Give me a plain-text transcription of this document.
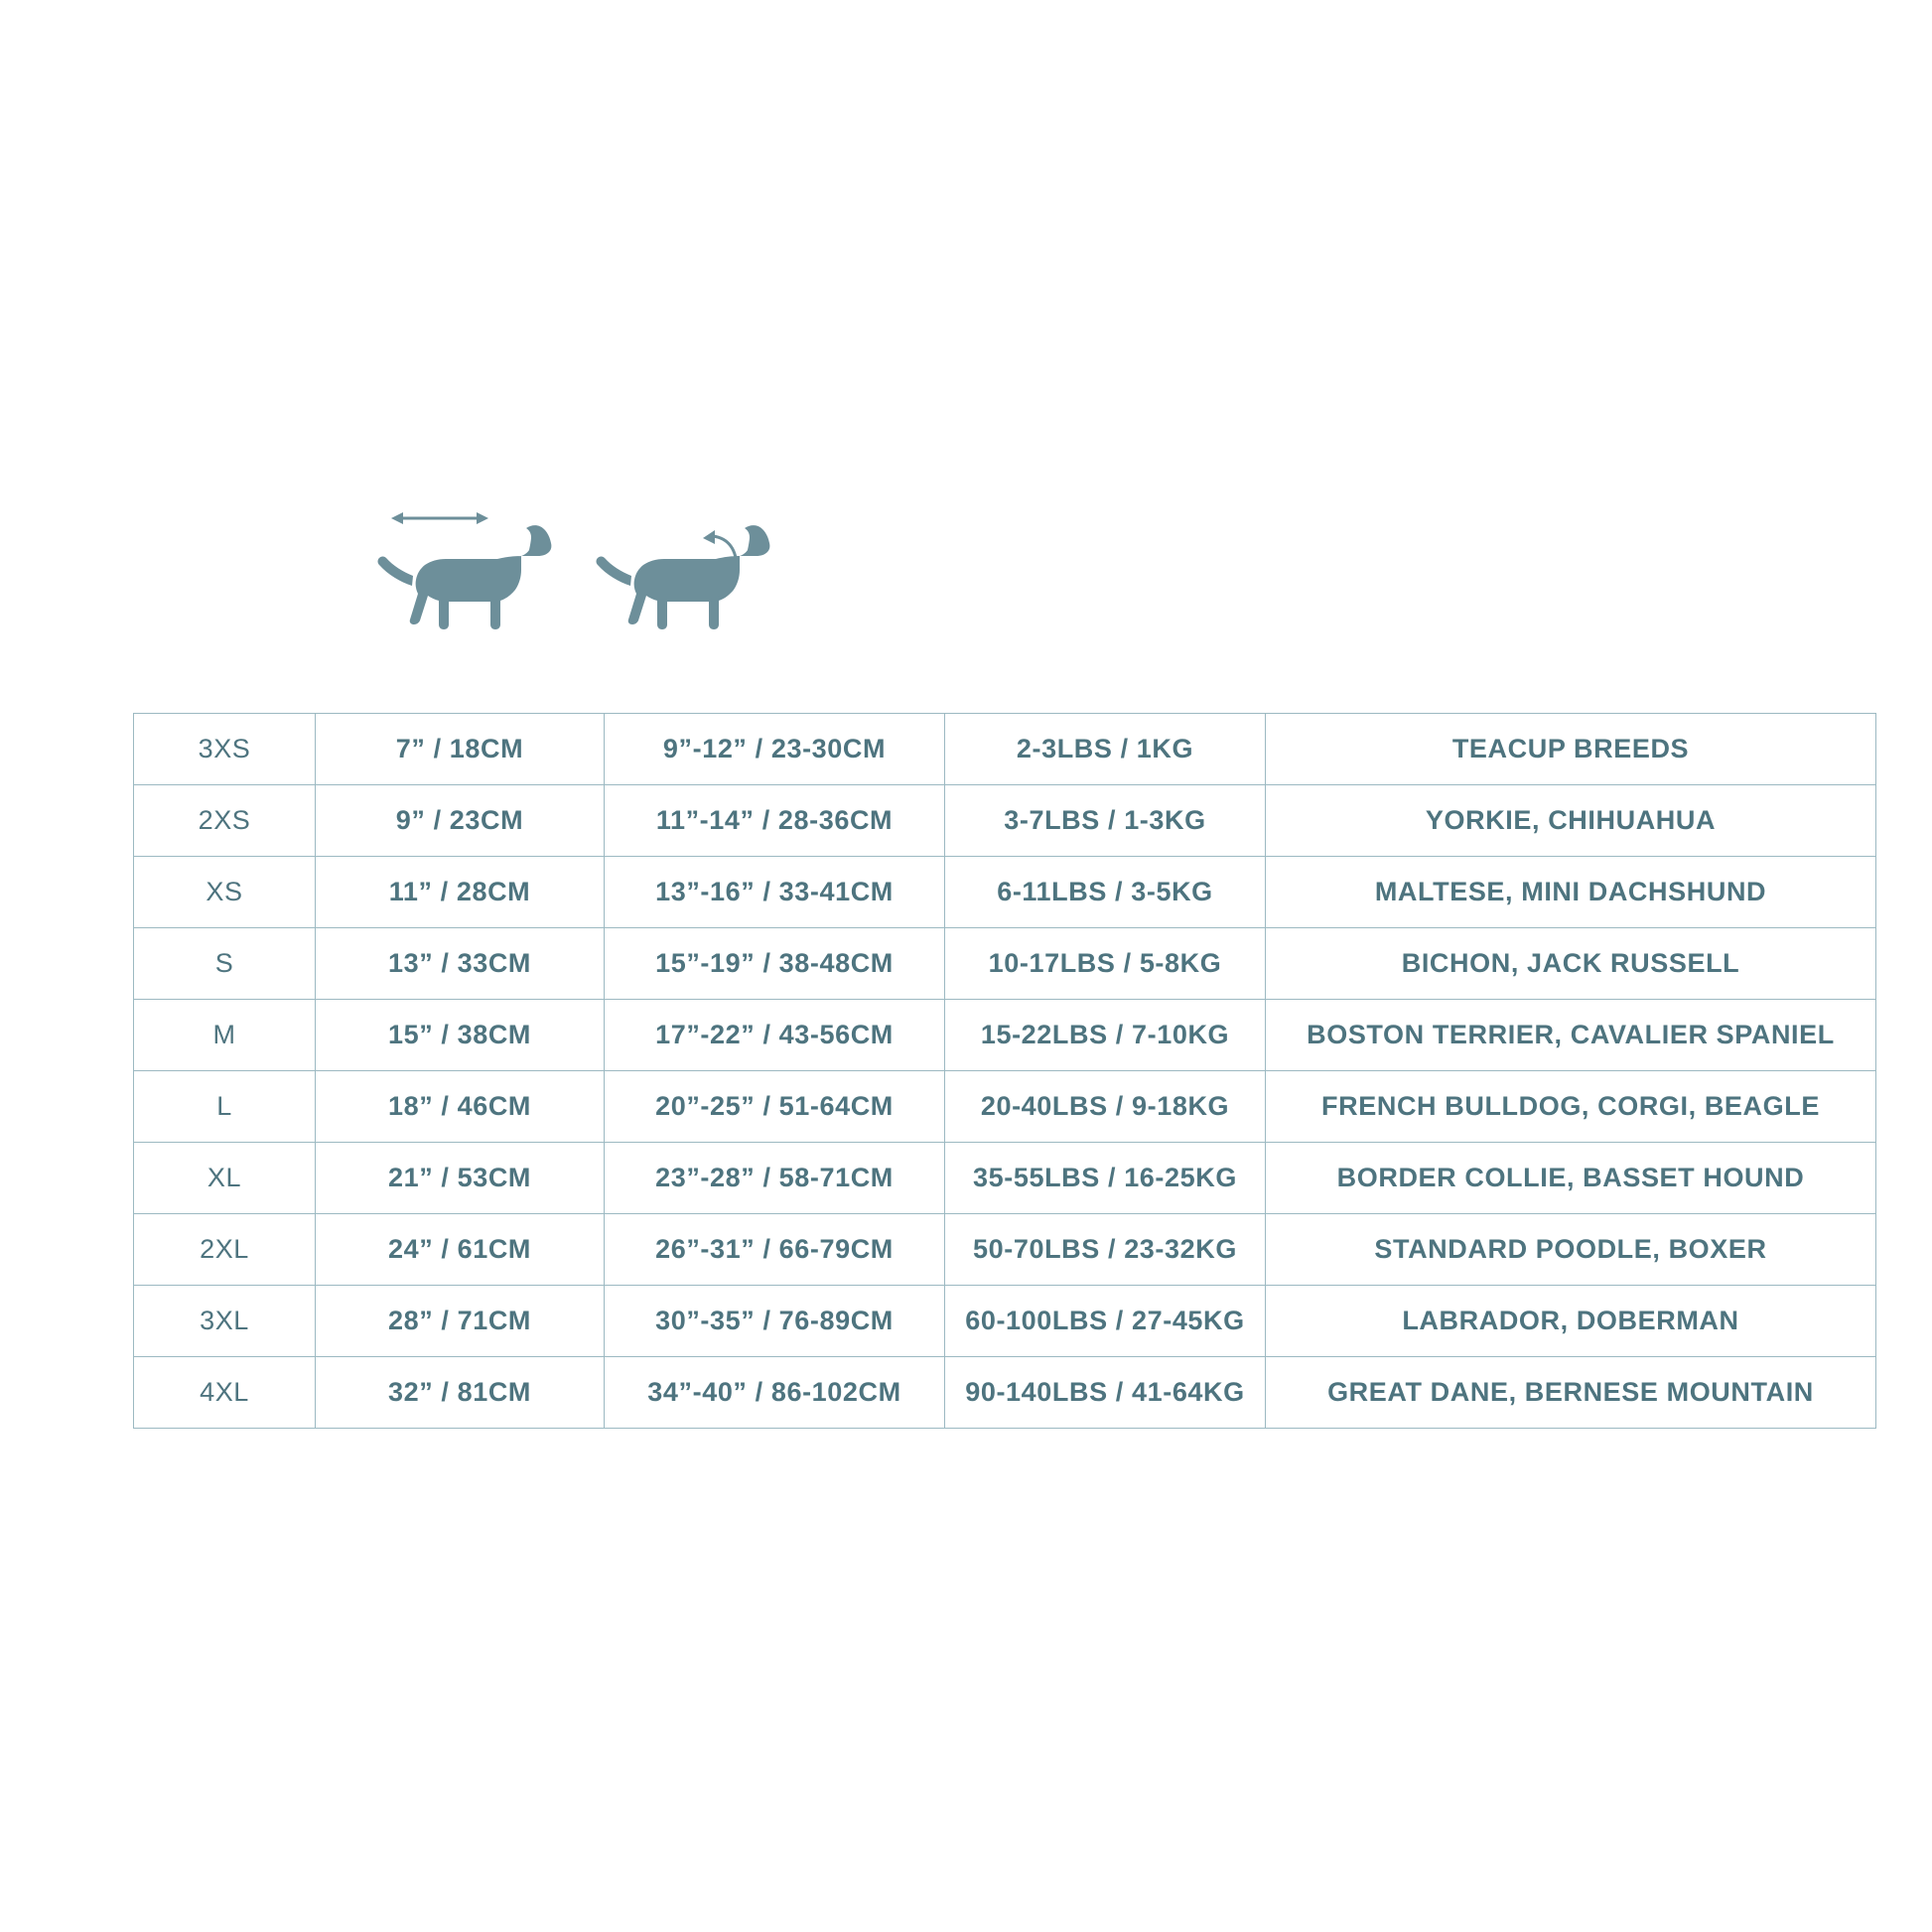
3XS	7” / 18CM	9”-12” / 23-30CM	2-3LBS / 1KG	TEACUP BREEDS
2XS	9” / 23CM	11”-14” / 28-36CM	3-7LBS / 1-3KG	YORKIE, CHIHUAHUA
XS	11” / 28CM	13”-16” / 33-41CM	6-11LBS / 3-5KG	MALTESE, MINI DACHSHUND
S	13” / 33CM	15”-19” / 38-48CM	10-17LBS / 5-8KG	BICHON, JACK RUSSELL
M	15” / 38CM	17”-22” / 43-56CM	15-22LBS / 7-10KG	BOSTON TERRIER, CAVALIER SPANIEL
L	18” / 46CM	20”-25” / 51-64CM	20-40LBS / 9-18KG	FRENCH BULLDOG, CORGI, BEAGLE
XL	21” / 53CM	23”-28” / 58-71CM	35-55LBS / 16-25KG	BORDER COLLIE, BASSET HOUND
2XL	24” / 61CM	26”-31” / 66-79CM	50-70LBS / 23-32KG	STANDARD POODLE, BOXER
3XL	28” / 71CM	30”-35” / 76-89CM	60-100LBS / 27-45KG	LABRADOR, DOBERMAN
4XL	32” / 81CM	34”-40” / 86-102CM	90-140LBS / 41-64KG	GREAT DANE, BERNESE MOUNTAIN
